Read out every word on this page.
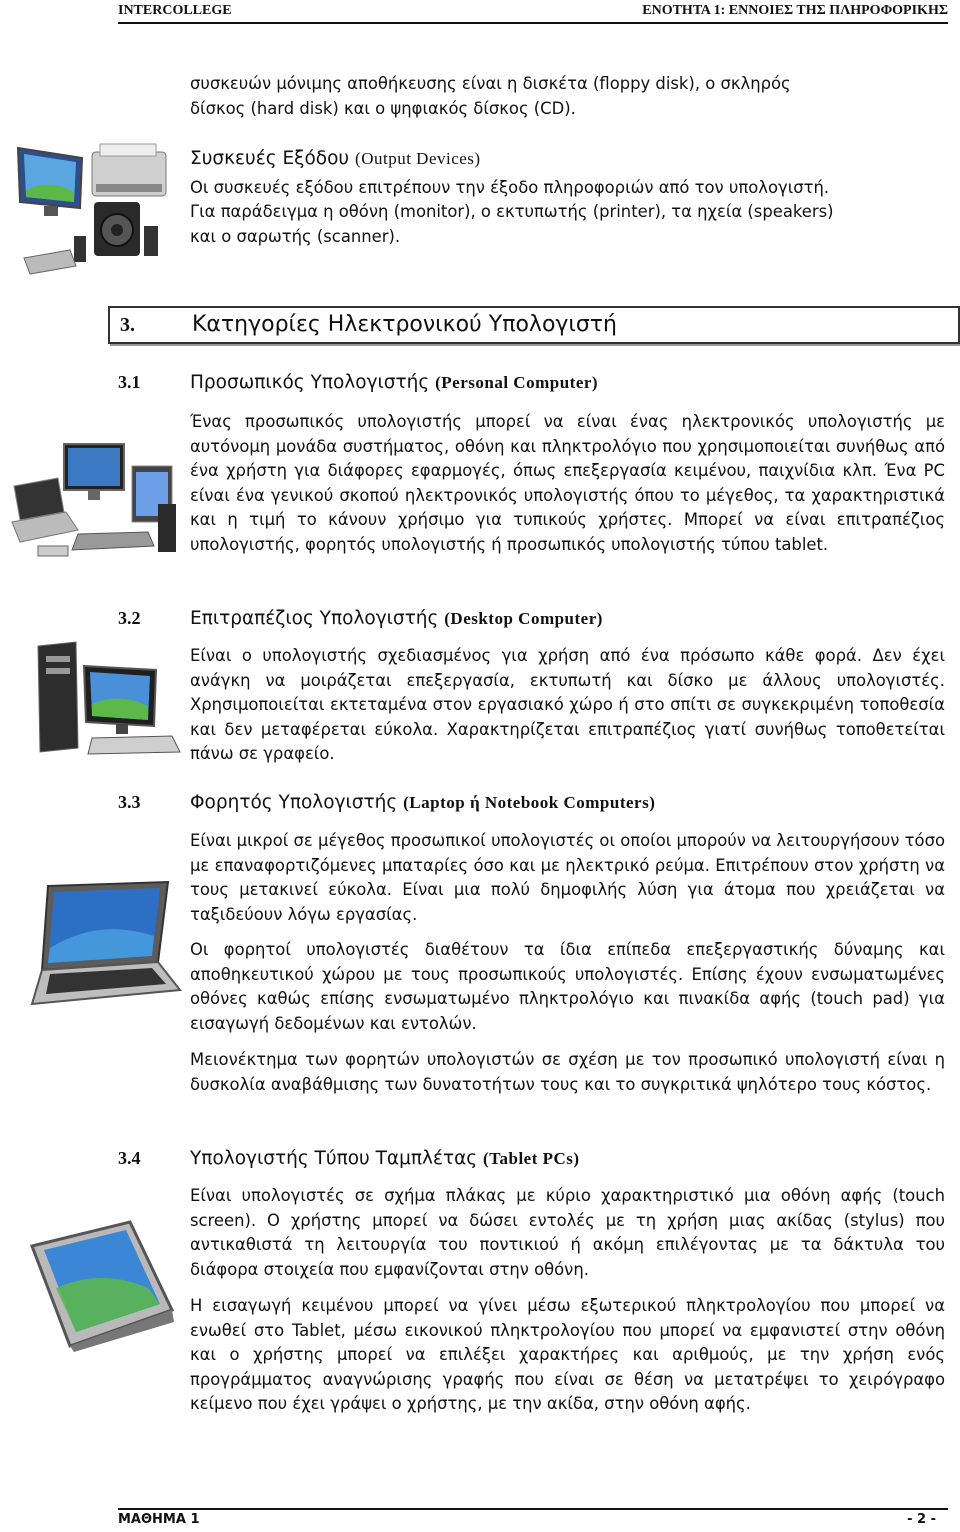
INTERCOLLEGE	ΕΝΟΤΗΤΑ 1: ΕΝΝΟΙΕΣ ΤΗΣ ΠΛΗΡΟΦΟΡΙΚΗΣ
συσκευών μόνιμης αποθήκευσης είναι η δισκέτα (floppy disk), ο σκληρός
δίσκος (hard disk) και ο ψηφιακός δίσκος (CD).
Συσκευές Εξόδου (Output Devices)
Οι συσκευές εξόδου επιτρέπουν την έξοδο πληροφοριών από τον υπολογιστή.
Για παράδειγμα η οθόνη (monitor), ο εκτυπωτής (printer), τα ηχεία (speakers)
και ο σαρωτής (scanner).
3.	Κατηγορίες Ηλεκτρονικού Υπολογιστή
3.1	Προσωπικός Υπολογιστής (Personal Computer)
Ένας προσωπικός υπολογιστής μπορεί να είναι ένας ηλεκτρονικός υπολογιστής με αυτόνομη μονάδα συστήματος, οθόνη και πληκτρολόγιο που χρησιμοποιείται συνήθως από ένα χρήστη για διάφορες εφαρμογές, όπως επεξεργασία κειμένου, παιχνίδια κλπ. Ένα PC είναι ένα γενικού σκοπού ηλεκτρονικός υπολογιστής όπου το μέγεθος, τα χαρακτηριστικά και η τιμή το κάνουν χρήσιμο για τυπικούς χρήστες. Μπορεί να είναι επιτραπέζιος υπολογιστής, φορητός υπολογιστής ή προσωπικός υπολογιστής τύπου tablet.
3.2	Επιτραπέζιος Υπολογιστής (Desktop Computer)
Είναι ο υπολογιστής σχεδιασμένος για χρήση από ένα πρόσωπο κάθε φορά. Δεν έχει ανάγκη να μοιράζεται επεξεργασία, εκτυπωτή και δίσκο με άλλους υπολογιστές. Χρησιμοποιείται εκτεταμένα στον εργασιακό χώρο ή στο σπίτι σε συγκεκριμένη τοποθεσία και δεν μεταφέρεται εύκολα. Χαρακτηρίζεται επιτραπέζιος γιατί συνήθως τοποθετείται πάνω σε γραφείο.
3.3	Φορητός Υπολογιστής (Laptop ή Notebook Computers)
Είναι μικροί σε μέγεθος προσωπικοί υπολογιστές οι οποίοι μπορούν να λειτουργήσουν τόσο με επαναφορτιζόμενες μπαταρίες όσο και με ηλεκτρικό ρεύμα. Επιτρέπουν στον χρήστη να τους μετακινεί εύκολα. Είναι μια πολύ δημοφιλής λύση για άτομα που χρειάζεται να ταξιδεύουν λόγω εργασίας.
Οι φορητοί υπολογιστές διαθέτουν τα ίδια επίπεδα επεξεργαστικής δύναμης και αποθηκευτικού χώρου με τους προσωπικούς υπολογιστές. Επίσης έχουν ενσωματωμένες οθόνες καθώς επίσης ενσωματωμένο πληκτρολόγιο και πινακίδα αφής (touch pad) για εισαγωγή δεδομένων και εντολών.
Μειονέκτημα των φορητών υπολογιστών σε σχέση με τον προσωπικό υπολογιστή είναι η δυσκολία αναβάθμισης των δυνατοτήτων τους και το συγκριτικά ψηλότερο τους κόστος.
3.4	Υπολογιστής Τύπου Ταμπλέτας (Tablet PCs)
Είναι υπολογιστές σε σχήμα πλάκας με κύριο χαρακτηριστικό μια οθόνη αφής (touch screen). Ο χρήστης μπορεί να δώσει εντολές με τη χρήση μιας ακίδας (stylus) που αντικαθιστά τη λειτουργία του ποντικιού ή ακόμη επιλέγοντας με τα δάκτυλα του διάφορα στοιχεία που εμφανίζονται στην οθόνη.
Η εισαγωγή κειμένου μπορεί να γίνει μέσω εξωτερικού πληκτρολογίου που μπορεί να ενωθεί στο Tablet, μέσω εικονικού πληκτρολογίου που μπορεί να εμφανιστεί στην οθόνη και ο χρήστης μπορεί να επιλέξει χαρακτήρες και αριθμούς, με την χρήση ενός προγράμματος αναγνώρισης γραφής που είναι σε θέση να μετατρέψει το χειρόγραφο κείμενο που έχει γράψει ο χρήστης, με την ακίδα, στην οθόνη αφής.
ΜΑΘΗΜΑ 1	- 2 -
